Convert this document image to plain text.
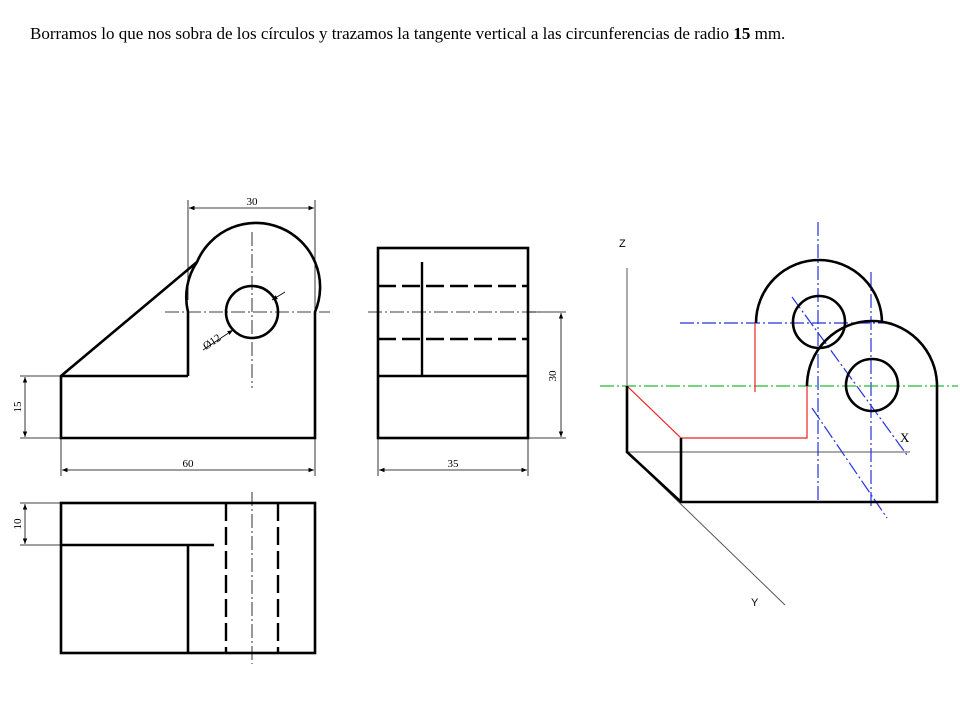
Borramos lo que nos sobra de los círculos y trazamos la tangente vertical a las circunferencias de radio 15 mm.
Ø12
30
15
60
30
35
10
Z
X
Y
